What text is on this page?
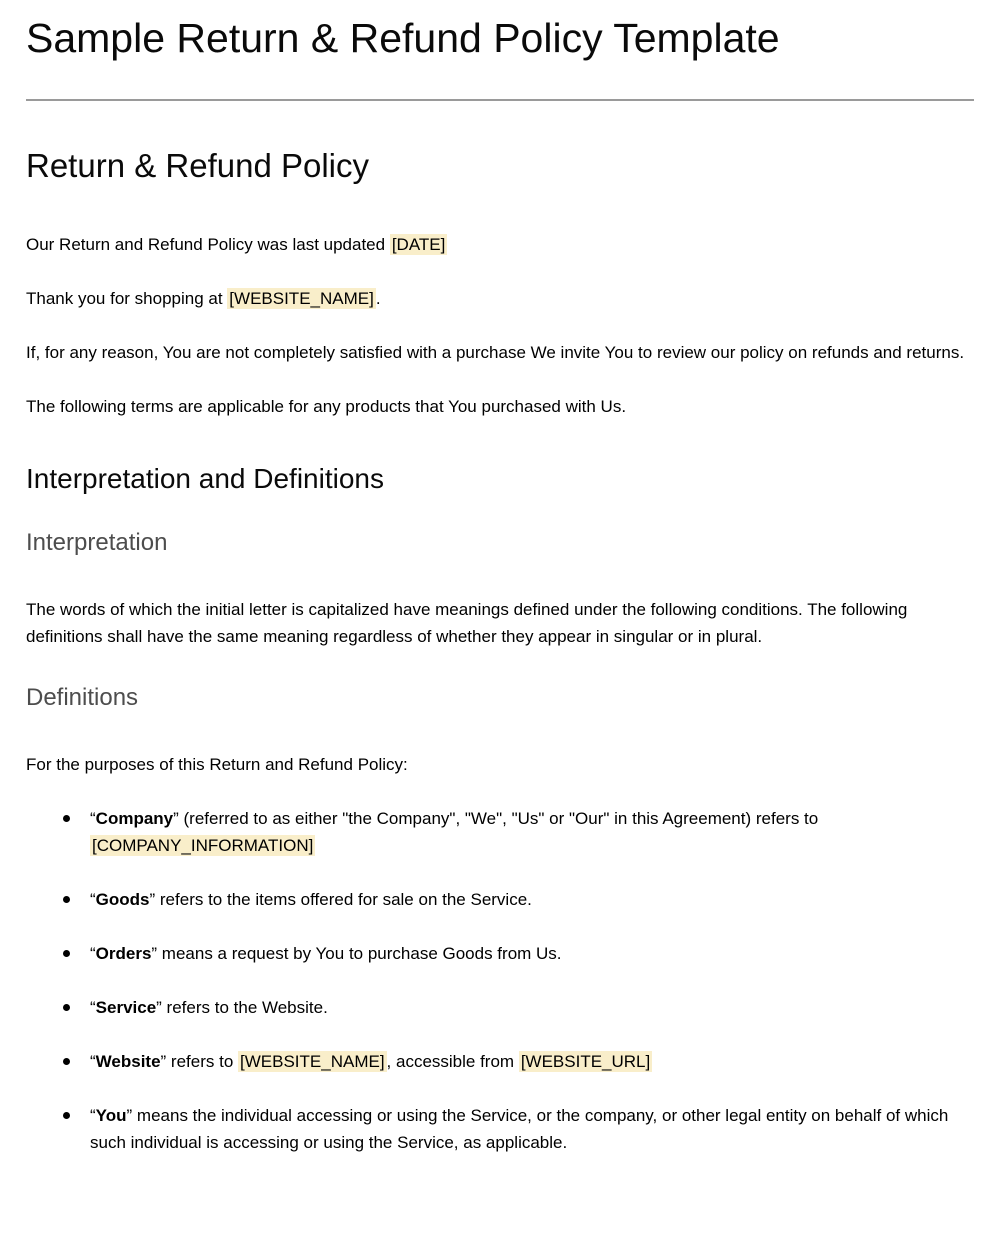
Sample Return & Refund Policy Template
Return & Refund Policy

Our Return and Refund Policy was last updated [DATE]

Thank you for shopping at [WEBSITE_NAME] .

If, for any reason, You are not completely satisfied with a purchase We invite You to review our policy on refunds and returns.

The following terms are applicable for any products that You purchased with Us.

Interpretation and Definitions
Interpretation

The words of which the initial letter is capitalized have meanings defined under the following conditions. The following definitions shall have the same meaning regardless of whether they appear in singular or in plural.

Definitions

For the purposes of this Return and Refund Policy:

“Company” (referred to as either "the Company", "We", "Us" or "Our" in this Agreement) refers to [COMPANY_INFORMATION]
“Goods” refers to the items offered for sale on the Service.
“Orders” means a request by You to purchase Goods from Us.
“Service” refers to the Website.
“Website” refers to [WEBSITE_NAME] , accessible from [WEBSITE_URL]
“You” means the individual accessing or using the Service, or the company, or other legal entity on behalf of which such individual is accessing or using the Service, as applicable.
